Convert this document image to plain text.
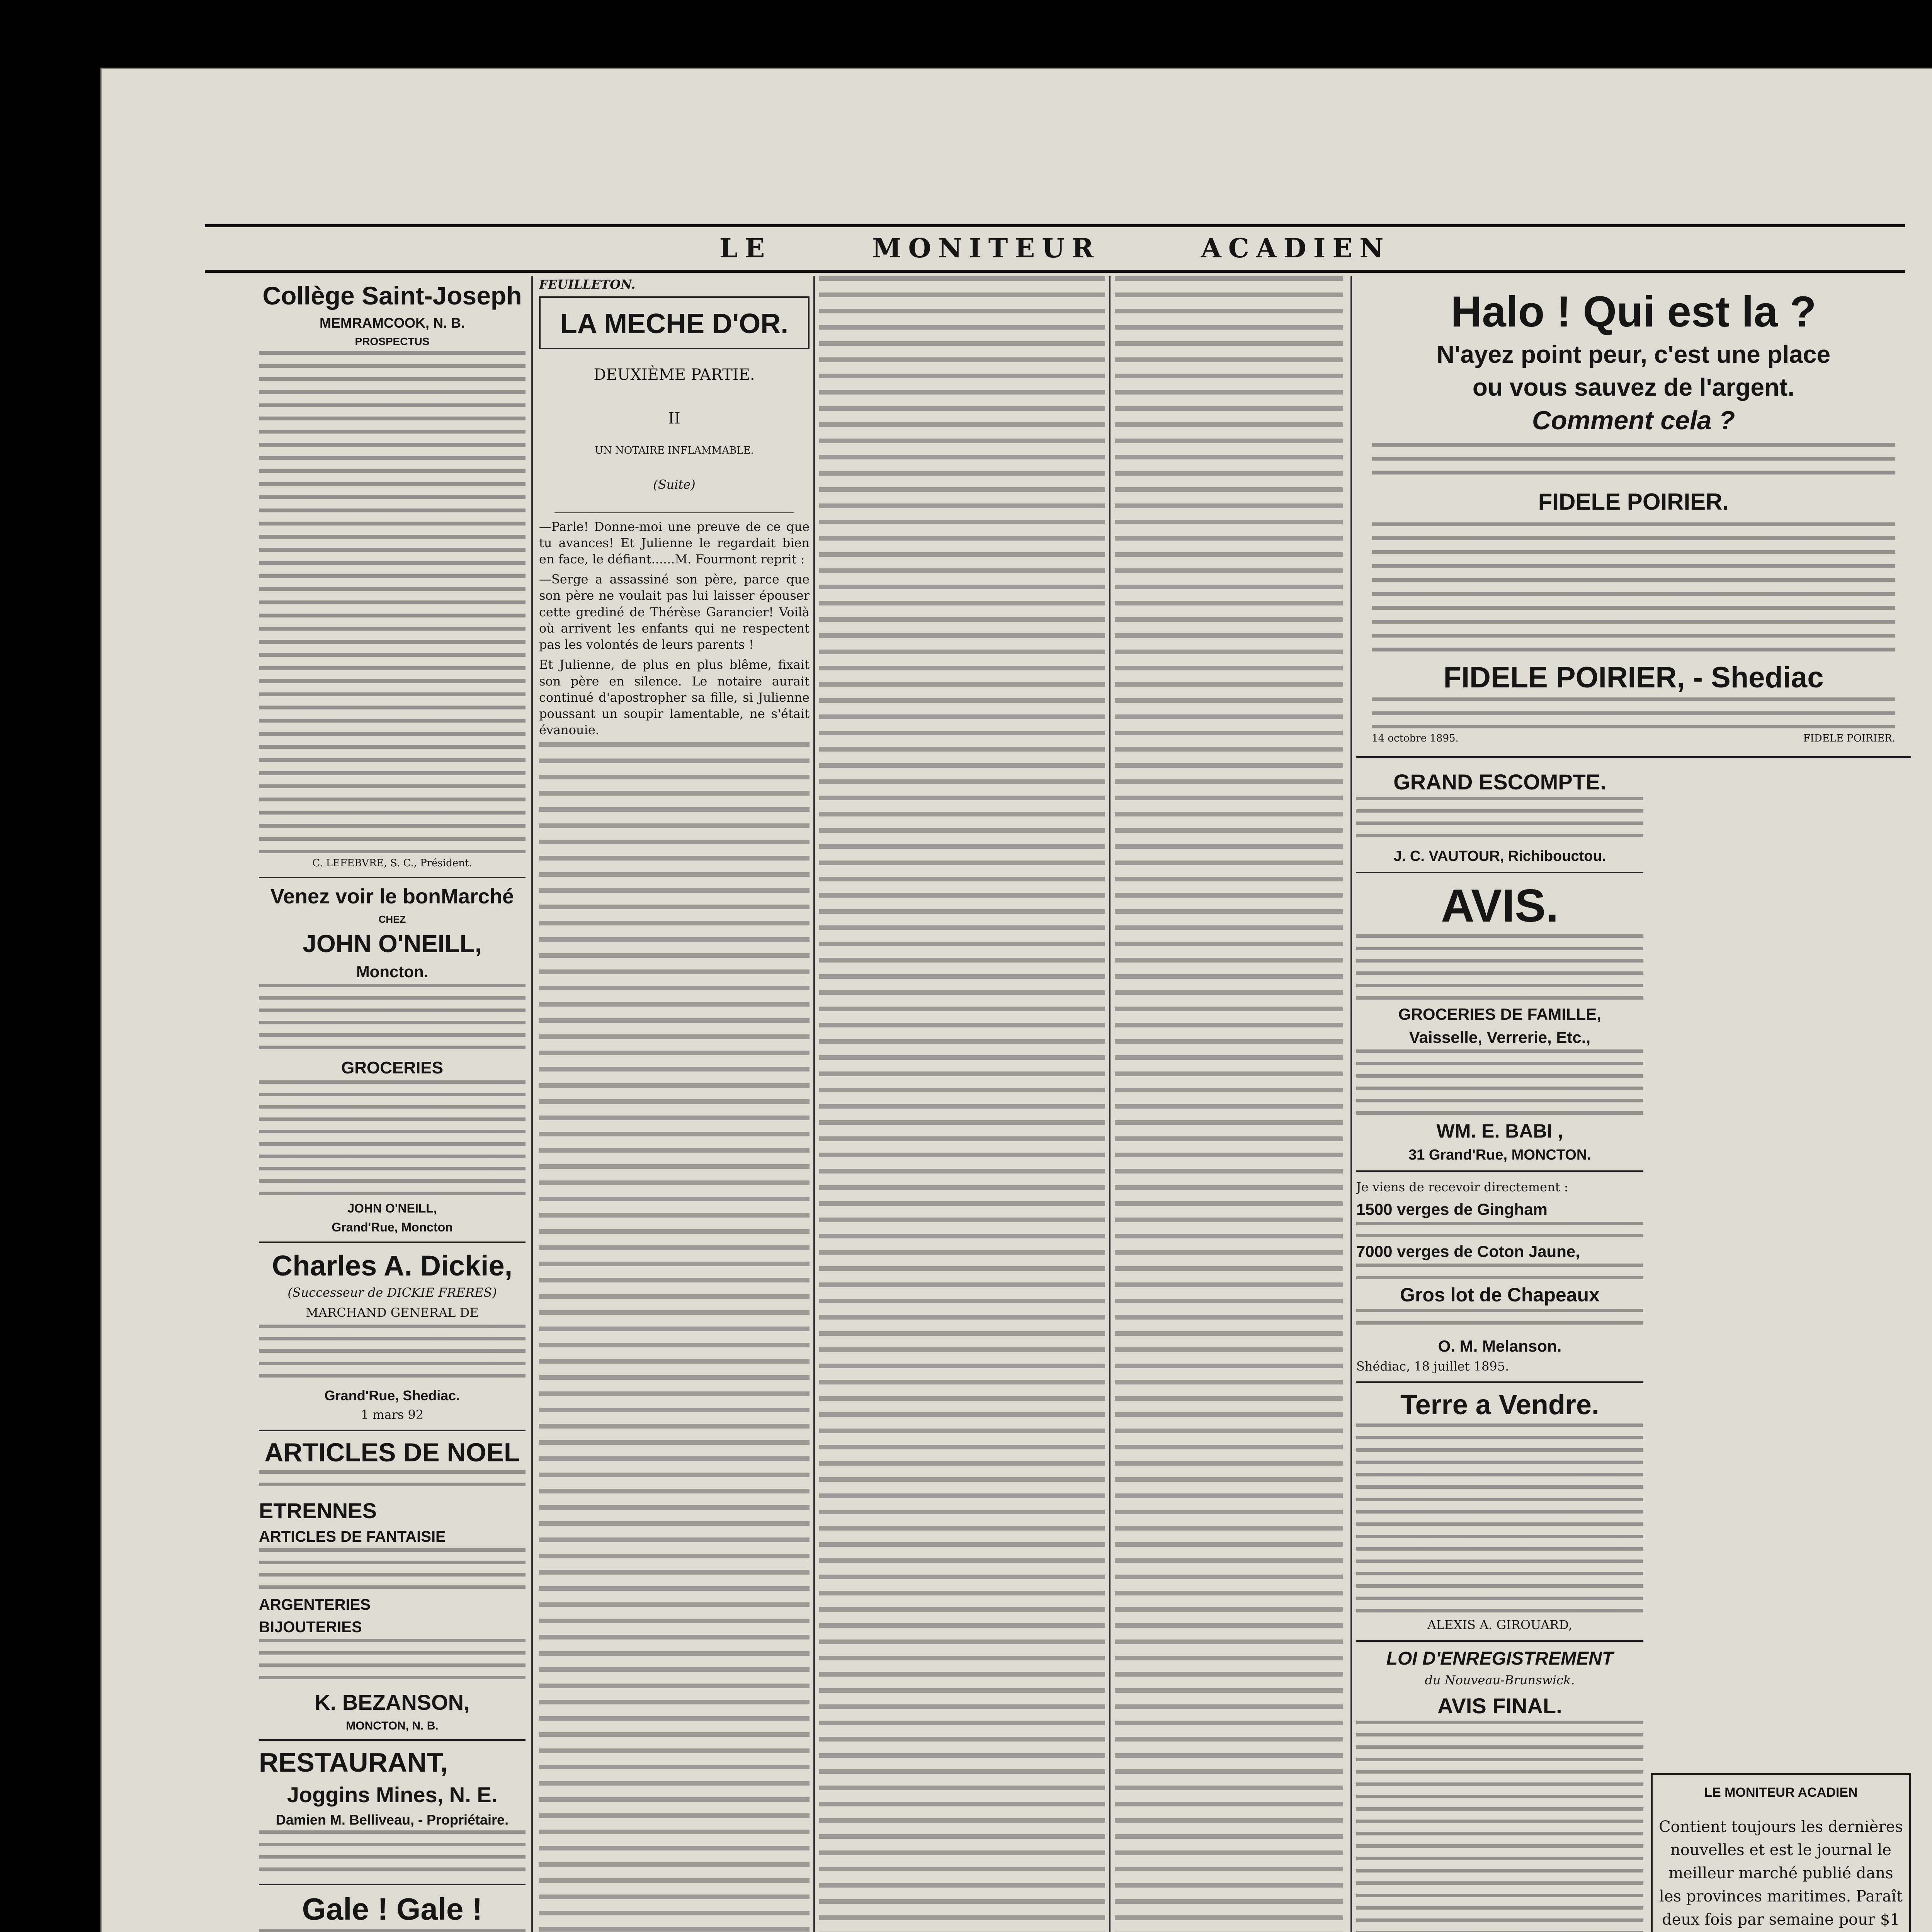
LE	MONITEUR	ACADIEN
Collège Saint-Joseph
MEMRAMCOOK, N. B.
PROSPECTUS
C. LEFEBVRE, S. C., Président.
Venez voir le bonMarché
CHEZ
JOHN O'NEILL,
Moncton.
GROCERIES
JOHN O'NEILL,
Grand'Rue, Moncton
Charles A. Dickie,
(Successeur de DICKIE FRERES)
MARCHAND GENERAL DE
Grand'Rue, Shediac.
1 mars 92
ARTICLES DE NOEL
ETRENNES
ARTICLES DE FANTAISIE
ARGENTERIES
BIJOUTERIES
K. BEZANSON,
MONCTON, N. B.
RESTAURANT,
Joggins Mines, N. E.
Damien M. Belliveau, - Propriétaire.
Gale ! Gale !
FEUILLETON.
LA MECHE D'OR.
DEUXIÈME PARTIE.
II
UN NOTAIRE INFLAMMABLE.
(Suite)
—Parle! Donne-moi une preuve de ce que tu avances! Et Julienne le regardait bien en face, le défiant......M. Fourmont reprit :
—Serge a assassiné son père, parce que son père ne voulait pas lui laisser épouser cette grediné de Thérèse Garancier! Voilà où arrivent les enfants qui ne respectent pas les volontés de leurs parents !
Et Julienne, de plus en plus blême, fixait son père en silence. Le notaire aurait continué d'apostropher sa fille, si Julienne poussant un soupir lamentable, ne s'était évanouie.
Halo ! Qui est la ?
N'ayez point peur, c'est une place
ou vous sauvez de l'argent.
Comment cela ?
FIDELE POIRIER.
FIDELE POIRIER, - Shediac
14 octobre 1895.	FIDELE POIRIER.
GRAND ESCOMPTE.
J. C. VAUTOUR, Richibouctou.
AVIS.
GROCERIES DE FAMILLE,
Vaisselle, Verrerie, Etc.,
WM. E. BABI ,
31 Grand'Rue, MONCTON.
Je viens de recevoir directement :
1500 verges de Gingham
7000 verges de Coton Jaune,
Gros lot de Chapeaux
O. M. Melanson.
Shédiac, 18 juillet 1895.
Terre a Vendre.
ALEXIS A. GIROUARD,
LOI D'ENREGISTREMENT
du Nouveau-Brunswick.
AVIS FINAL.
LE MONITEUR ACADIEN
Contient toujours les dernières nouvelles et est le journal le meilleur marché publié dans les provinces maritimes. Paraît deux fois par semaine pour $1
